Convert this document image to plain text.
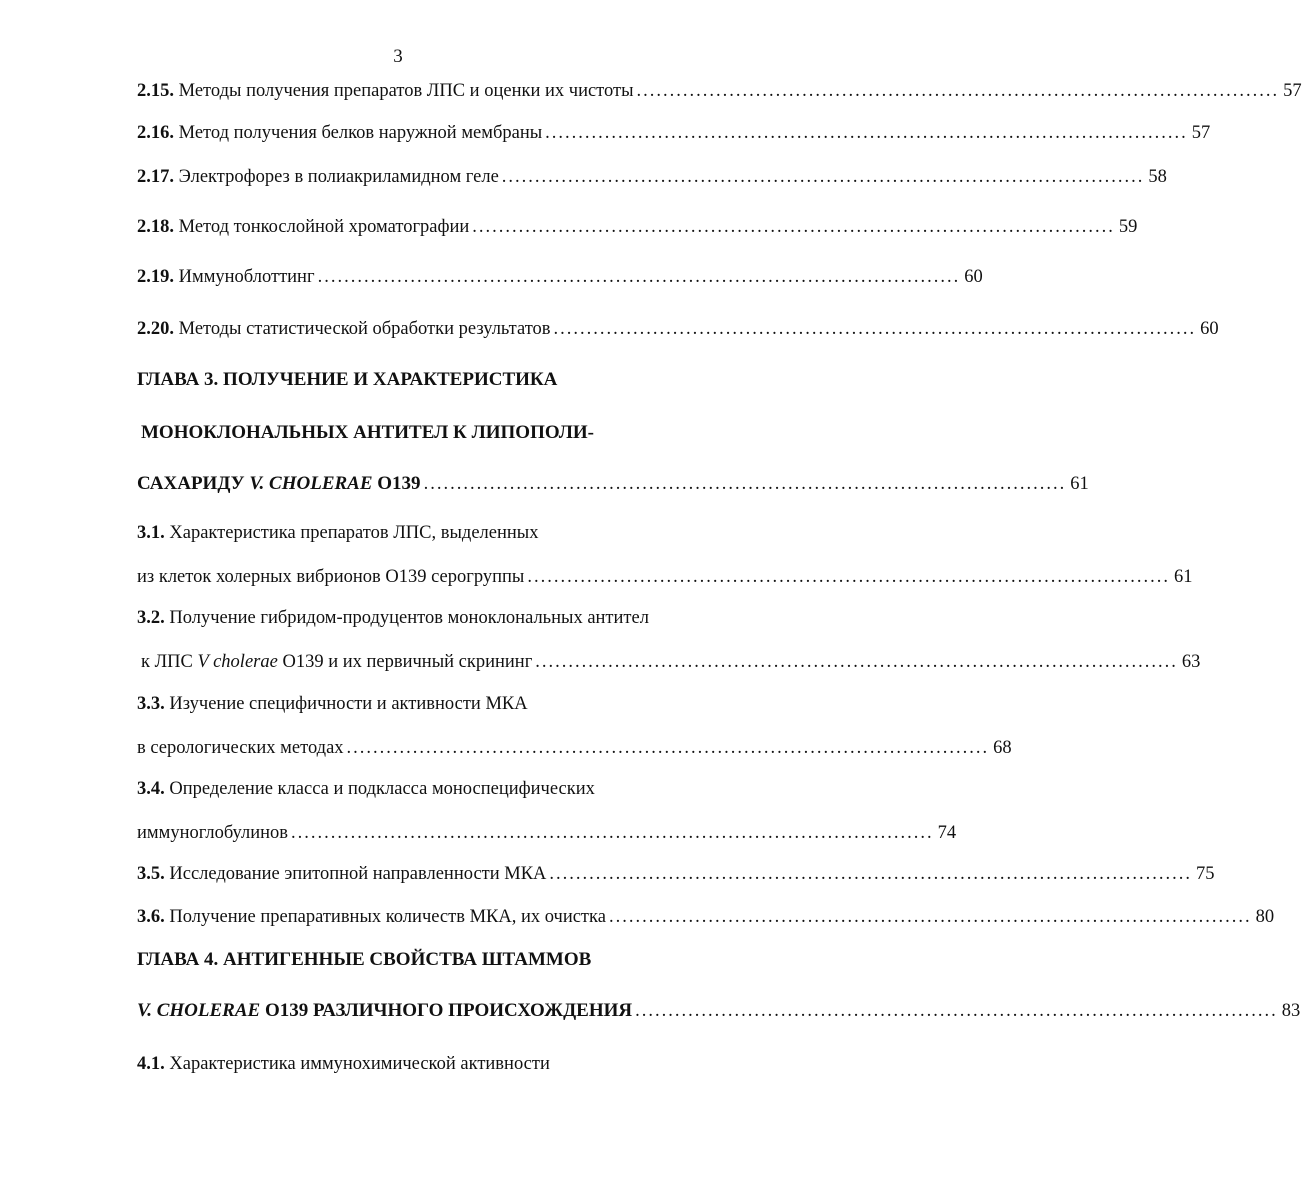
3
2.15. Методы получения препаратов ЛПС и оценки их чистоты ................................................................................................. 57
2.16. Метод получения белков наружной мембраны ................................................................................................. 57
2.17. Электрофорез в полиакриламидном геле ................................................................................................. 58
2.18. Метод тонкослойной хроматографии ................................................................................................. 59
2.19. Иммуноблоттинг ................................................................................................. 60
2.20. Методы статистической обработки результатов ................................................................................................. 60
ГЛАВА 3. ПОЛУЧЕНИЕ И ХАРАКТЕРИСТИКА
МОНОКЛОНАЛЬНЫХ АНТИТЕЛ К ЛИПОПОЛИ-
САХАРИДУ V. CHOLERAE О139 ................................................................................................. 61
3.1. Характеристика препаратов ЛПС, выделенных
из клеток холерных вибрионов О139 серогруппы ................................................................................................. 61
3.2. Получение гибридом-продуцентов моноклональных антител
к ЛПС V cholerae О139 и их первичный скрининг ................................................................................................. 63
3.3. Изучение специфичности и активности МКА
в серологических методах ................................................................................................. 68
3.4. Определение класса и подкласса моноспецифических
иммуноглобулинов ................................................................................................. 74
3.5. Исследование эпитопной направленности МКА ................................................................................................. 75
3.6. Получение препаративных количеств МКА, их очистка ................................................................................................. 80
ГЛАВА 4. АНТИГЕННЫЕ СВОЙСТВА ШТАММОВ
V. CHOLERAE О139 РАЗЛИЧНОГО ПРОИСХОЖДЕНИЯ ................................................................................................. 83
4.1. Характеристика иммунохимической активности
